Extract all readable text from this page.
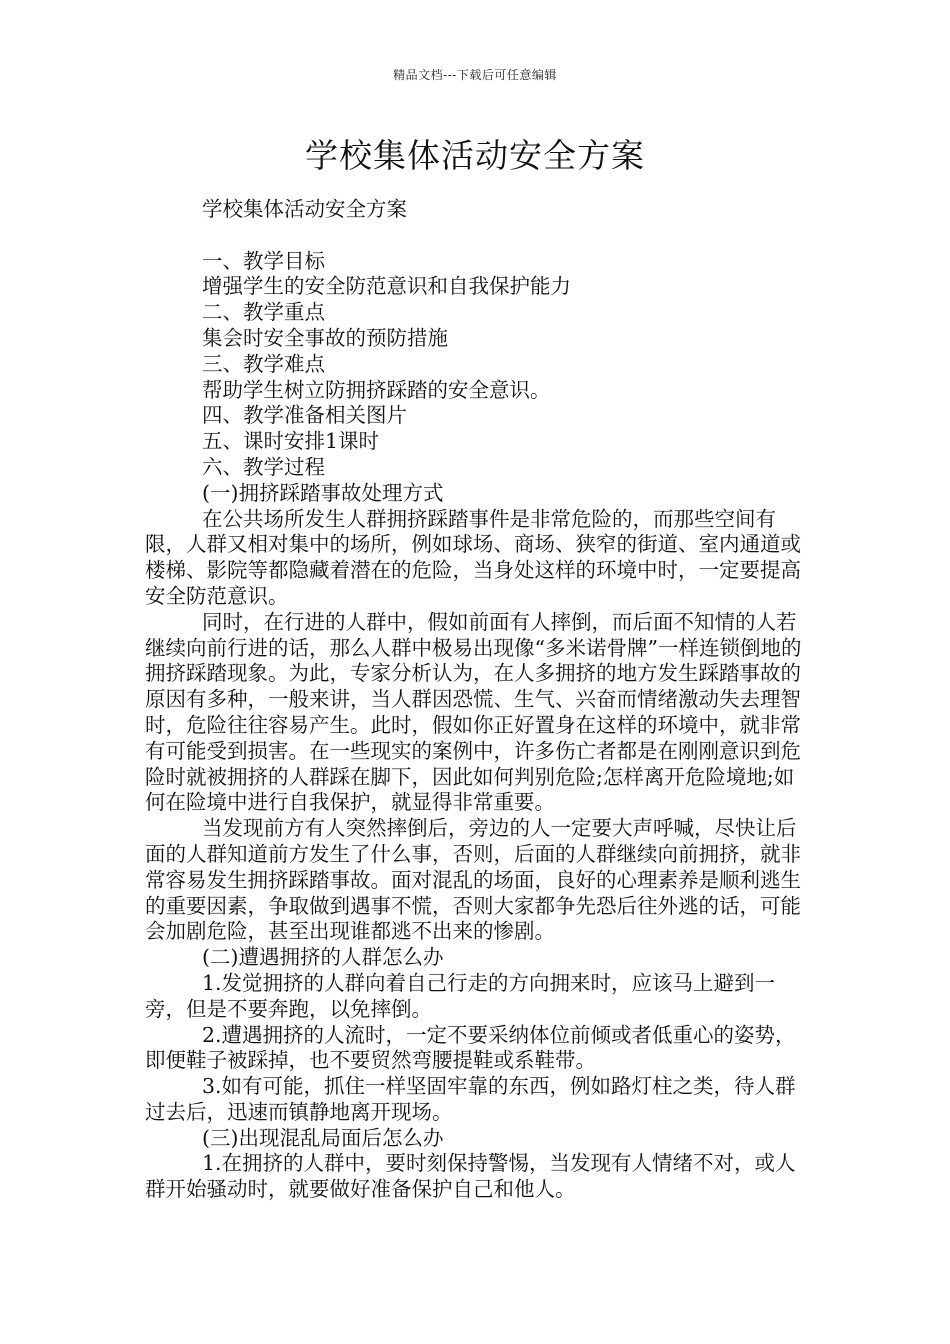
精品文档---下载后可任意编辑
学校集体活动安全方案

学校集体活动安全方案

一、教学目标

增强学生的安全防范意识和自我保护能力

二、教学重点

集会时安全事故的预防措施

三、教学难点

帮助学生树立防拥挤踩踏的安全意识。

四、教学准备相关图片

五、课时安排1课时

六、教学过程

(一)拥挤踩踏事故处理方式

在公共场所发生人群拥挤踩踏事件是非常危险的，而那些空间有限，人群又相对集中的场所，例如球场、商场、狭窄的街道、室内通道或楼梯、影院等都隐藏着潜在的危险，当身处这样的环境中时，一定要提高安全防范意识。

同时，在行进的人群中，假如前面有人摔倒，而后面不知情的人若继续向前行进的话，那么人群中极易出现像“多米诺骨牌”一样连锁倒地的拥挤踩踏现象。为此，专家分析认为，在人多拥挤的地方发生踩踏事故的原因有多种，一般来讲，当人群因恐慌、生气、兴奋而情绪激动失去理智时，危险往往容易产生。此时，假如你正好置身在这样的环境中，就非常有可能受到损害。在一些现实的案例中，许多伤亡者都是在刚刚意识到危险时就被拥挤的人群踩在脚下，因此如何判别危险;怎样离开危险境地;如何在险境中进行自我保护，就显得非常重要。

当发现前方有人突然摔倒后，旁边的人一定要大声呼喊，尽快让后面的人群知道前方发生了什么事，否则，后面的人群继续向前拥挤，就非常容易发生拥挤踩踏事故。面对混乱的场面，良好的心理素养是顺利逃生的重要因素，争取做到遇事不慌，否则大家都争先恐后往外逃的话，可能会加剧危险，甚至出现谁都逃不出来的惨剧。

(二)遭遇拥挤的人群怎么办

1.发觉拥挤的人群向着自己行走的方向拥来时，应该马上避到一旁，但是不要奔跑，以免摔倒。

2.遭遇拥挤的人流时，一定不要采纳体位前倾或者低重心的姿势，即便鞋子被踩掉，也不要贸然弯腰提鞋或系鞋带。

3.如有可能，抓住一样坚固牢靠的东西，例如路灯柱之类，待人群过去后，迅速而镇静地离开现场。

(三)出现混乱局面后怎么办

1.在拥挤的人群中，要时刻保持警惕，当发现有人情绪不对，或人群开始骚动时，就要做好准备保护自己和他人。
